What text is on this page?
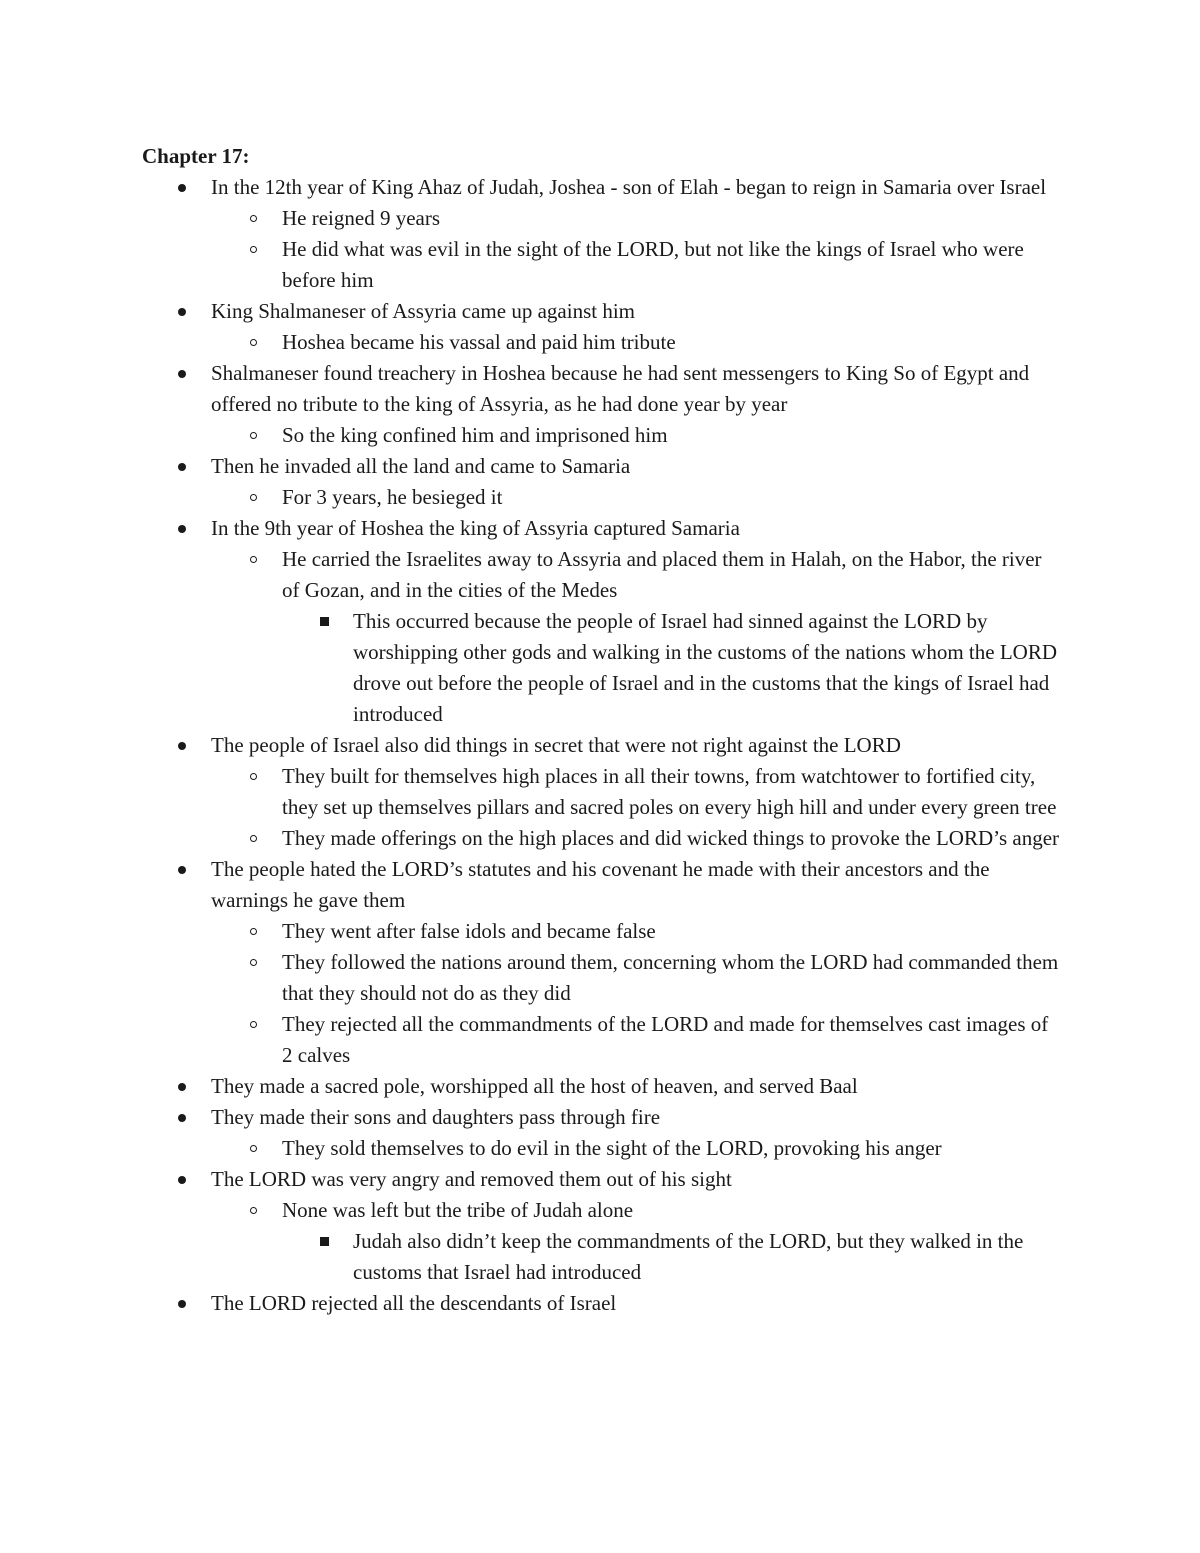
Chapter 17:
In the 12th year of King Ahaz of Judah, Joshea - son of Elah - began to reign in Samaria over Israel
He reigned 9 years
He did what was evil in the sight of the LORD, but not like the kings of Israel who were before him
King Shalmaneser of Assyria came up against him
Hoshea became his vassal and paid him tribute
Shalmaneser found treachery in Hoshea because he had sent messengers to King So of Egypt and offered no tribute to the king of Assyria, as he had done year by year
So the king confined him and imprisoned him
Then he invaded all the land and came to Samaria
For 3 years, he besieged it
In the 9th year of Hoshea the king of Assyria captured Samaria
He carried the Israelites away to Assyria and placed them in Halah, on the Habor, the river of Gozan, and in the cities of the Medes
This occurred because the people of Israel had sinned against the LORD by worshipping other gods and walking in the customs of the nations whom the LORD drove out before the people of Israel and in the customs that the kings of Israel had introduced
The people of Israel also did things in secret that were not right against the LORD
They built for themselves high places in all their towns, from watchtower to fortified city, they set up themselves pillars and sacred poles on every high hill and under every green tree
They made offerings on the high places and did wicked things to provoke the LORD’s anger
The people hated the LORD’s statutes and his covenant he made with their ancestors and the warnings he gave them
They went after false idols and became false
They followed the nations around them, concerning whom the LORD had commanded them that they should not do as they did
They rejected all the commandments of the LORD and made for themselves cast images of 2 calves
They made a sacred pole, worshipped all the host of heaven, and served Baal
They made their sons and daughters pass through fire
They sold themselves to do evil in the sight of the LORD, provoking his anger
The LORD was very angry and removed them out of his sight
None was left but the tribe of Judah alone
Judah also didn’t keep the commandments of the LORD, but they walked in the customs that Israel had introduced
The LORD rejected all the descendants of Israel
